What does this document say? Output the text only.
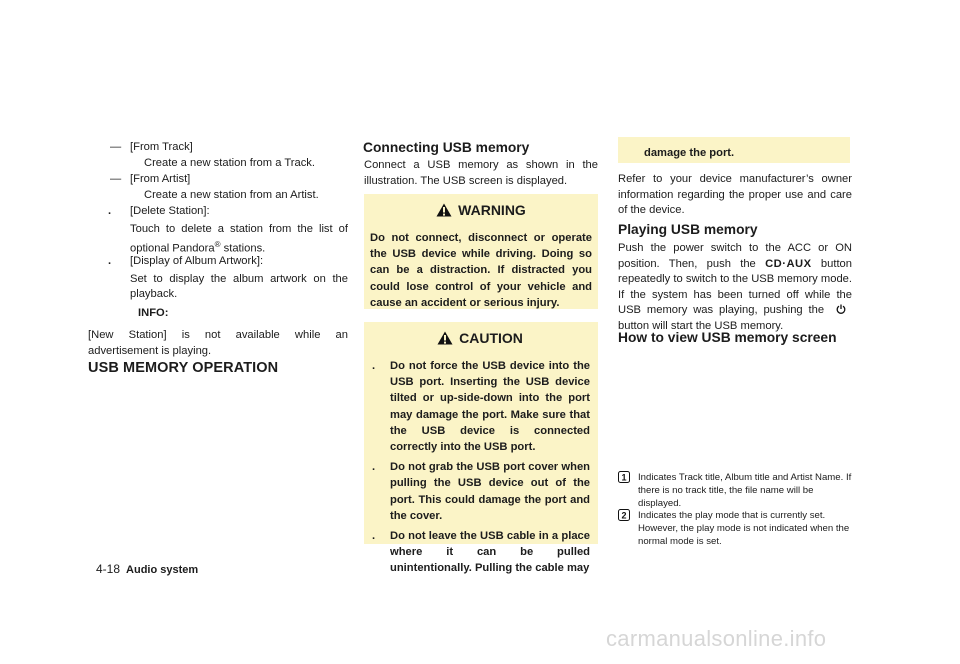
— [From Track]

Create a new station from a Track.

— [From Artist]

Create a new station from an Artist.

. [Delete Station]:

Touch to delete a station from the list of optional Pandora® stations.

. [Display of Album Artwork]:

Set to display the album artwork on the playback.

INFO:

[New Station] is not available while an advertisement is playing.

USB MEMORY OPERATION
Connecting USB memory

Connect a USB memory as shown in the illustration. The USB screen is displayed.

WARNING

Do not connect, disconnect or operate the USB device while driving. Doing so can be a distraction. If distracted you could lose control of your vehicle and cause an accident or serious injury.

CAUTION
. Do not force the USB device into the USB port. Inserting the USB device tilted or up-side-down into the port may damage the port. Make sure that the USB device is connected correctly into the USB port.
. Do not grab the USB port cover when pulling the USB device out of the port. This could damage the port and the cover.
. Do not leave the USB cable in a place where it can be pulled unintentionally. Pulling the cable may

damage the port.

Refer to your device manufacturer’s owner information regarding the proper use and care of the device.

Playing USB memory

Push the power switch to the ACC or ON position. Then, push the CD·AUX button repeatedly to switch to the USB memory mode. If the system has been turned off while the USB memory was playing, pushing the  button will start the USB memory.

How to view USB memory screen
1 Indicates Track title, Album title and Artist Name. If there is no track title, the file name will be displayed.
2 Indicates the play mode that is currently set. However, the play mode is not indicated when the normal mode is set.
4-18 Audio system
carmanualsonline.info
